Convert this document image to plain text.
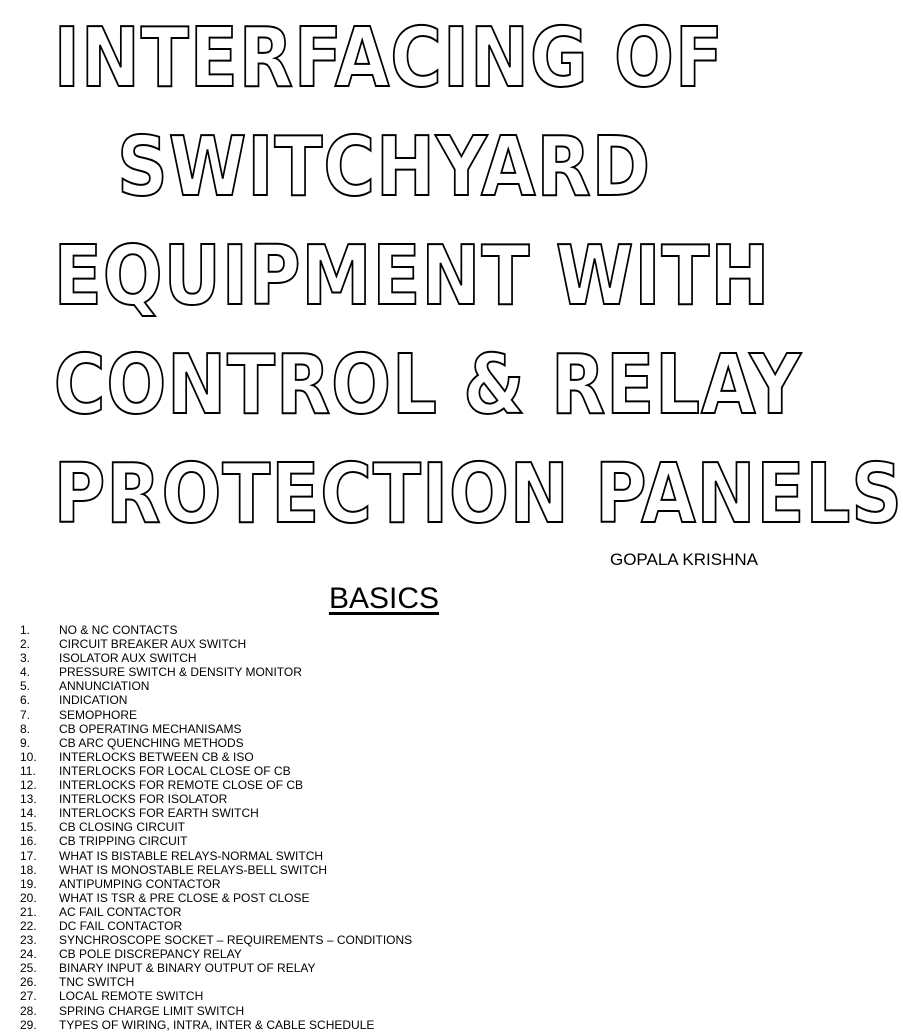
INTERFACING OF
SWITCHYARD
EQUIPMENT WITH
CONTROL & RELAY
PROTECTION PANELS
GOPALA KRISHNA
BASICS
1.	NO & NC CONTACTS
2.	CIRCUIT BREAKER AUX SWITCH
3.	ISOLATOR AUX SWITCH
4.	PRESSURE SWITCH & DENSITY MONITOR
5.	ANNUNCIATION
6.	INDICATION
7.	SEMOPHORE
8.	CB OPERATING MECHANISAMS
9.	CB ARC QUENCHING METHODS
10.	INTERLOCKS BETWEEN CB & ISO
11.	INTERLOCKS FOR LOCAL CLOSE OF CB
12.	INTERLOCKS FOR REMOTE CLOSE OF CB
13.	INTERLOCKS FOR ISOLATOR
14.	INTERLOCKS FOR EARTH SWITCH
15.	CB CLOSING CIRCUIT
16.	CB TRIPPING CIRCUIT
17.	WHAT IS BISTABLE RELAYS-NORMAL SWITCH
18.	WHAT IS MONOSTABLE RELAYS-BELL SWITCH
19.	ANTIPUMPING CONTACTOR
20.	WHAT IS TSR & PRE CLOSE & POST CLOSE
21.	AC FAIL CONTACTOR
22.	DC FAIL CONTACTOR
23.	SYNCHROSCOPE SOCKET – REQUIREMENTS – CONDITIONS
24.	CB POLE DISCREPANCY RELAY
25.	BINARY INPUT & BINARY OUTPUT OF RELAY
26.	TNC SWITCH
27.	LOCAL REMOTE SWITCH
28.	SPRING CHARGE LIMIT SWITCH
29.	TYPES OF WIRING, INTRA, INTER & CABLE SCHEDULE
